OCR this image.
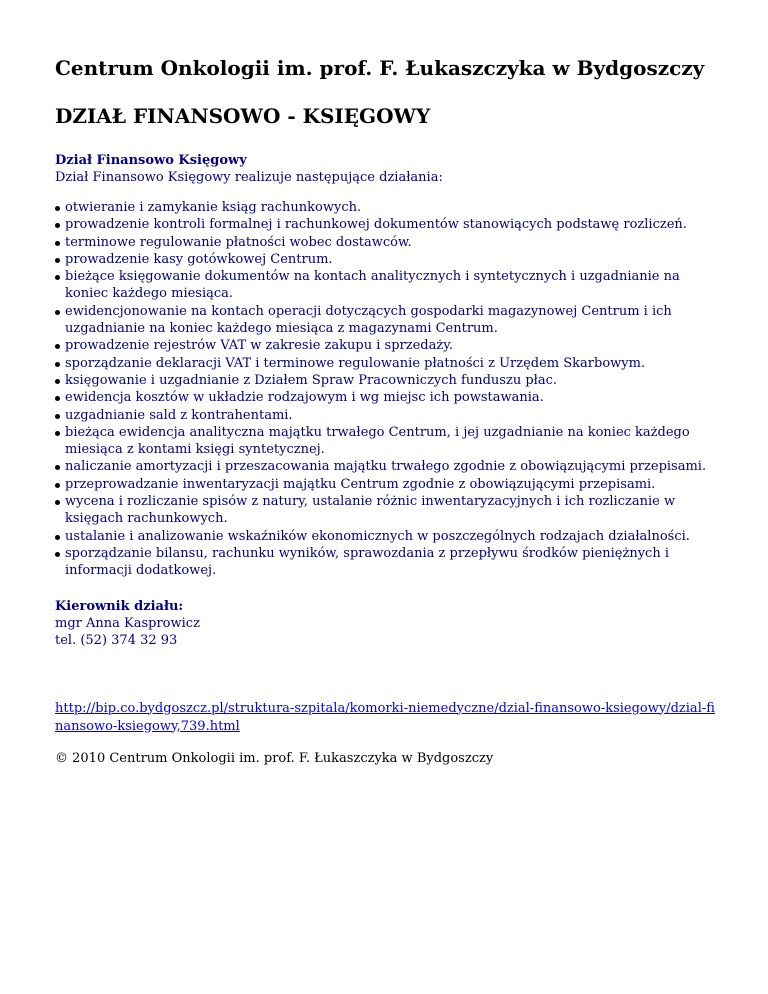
Centrum Onkologii im. prof. F. Łukaszczyka w Bydgoszczy
DZIAŁ FINANSOWO - KSIĘGOWY
Dział Finansowo Księgowy
Dział Finansowo Księgowy realizuje następujące działania:
otwieranie i zamykanie ksiąg rachunkowych.
prowadzenie kontroli formalnej i rachunkowej dokumentów stanowiących podstawę rozliczeń.
terminowe regulowanie płatności wobec dostawców.
prowadzenie kasy gotówkowej Centrum.
bieżące księgowanie dokumentów na kontach analitycznych i syntetycznych i uzgadnianie na koniec każdego miesiąca.
ewidencjonowanie na kontach operacji dotyczących gospodarki magazynowej Centrum i ich uzgadnianie na koniec każdego miesiąca z magazynami Centrum.
prowadzenie rejestrów VAT w zakresie zakupu i sprzedaży.
sporządzanie deklaracji VAT i terminowe regulowanie płatności z Urzędem Skarbowym.
księgowanie i uzgadnianie z Działem Spraw Pracowniczych funduszu płac.
ewidencja kosztów w układzie rodzajowym i wg miejsc ich powstawania.
uzgadnianie sald z kontrahentami.
bieżąca ewidencja analityczna majątku trwałego Centrum, i jej uzgadnianie na koniec każdego miesiąca z kontami księgi syntetycznej.
naliczanie amortyzacji i przeszacowania majątku trwałego zgodnie z obowiązującymi przepisami.
przeprowadzanie inwentaryzacji majątku Centrum zgodnie z obowiązującymi przepisami.
wycena i rozliczanie spisów z natury, ustalanie różnic inwentaryzacyjnych i ich rozliczanie w księgach rachunkowych.
ustalanie i analizowanie wskaźników ekonomicznych w poszczególnych rodzajach działalności.
sporządzanie bilansu, rachunku wyników, sprawozdania z przepływu środków pieniężnych i informacji dodatkowej.
Kierownik działu:
mgr Anna Kasprowicz
tel. (52) 374 32 93
http://bip.co.bydgoszcz.pl/struktura-szpitala/komorki-niemedyczne/dzial-finansowo-ksiegowy/dzial-finansowo-ksiegowy,739.html
© 2010 Centrum Onkologii im. prof. F. Łukaszczyka w Bydgoszczy
